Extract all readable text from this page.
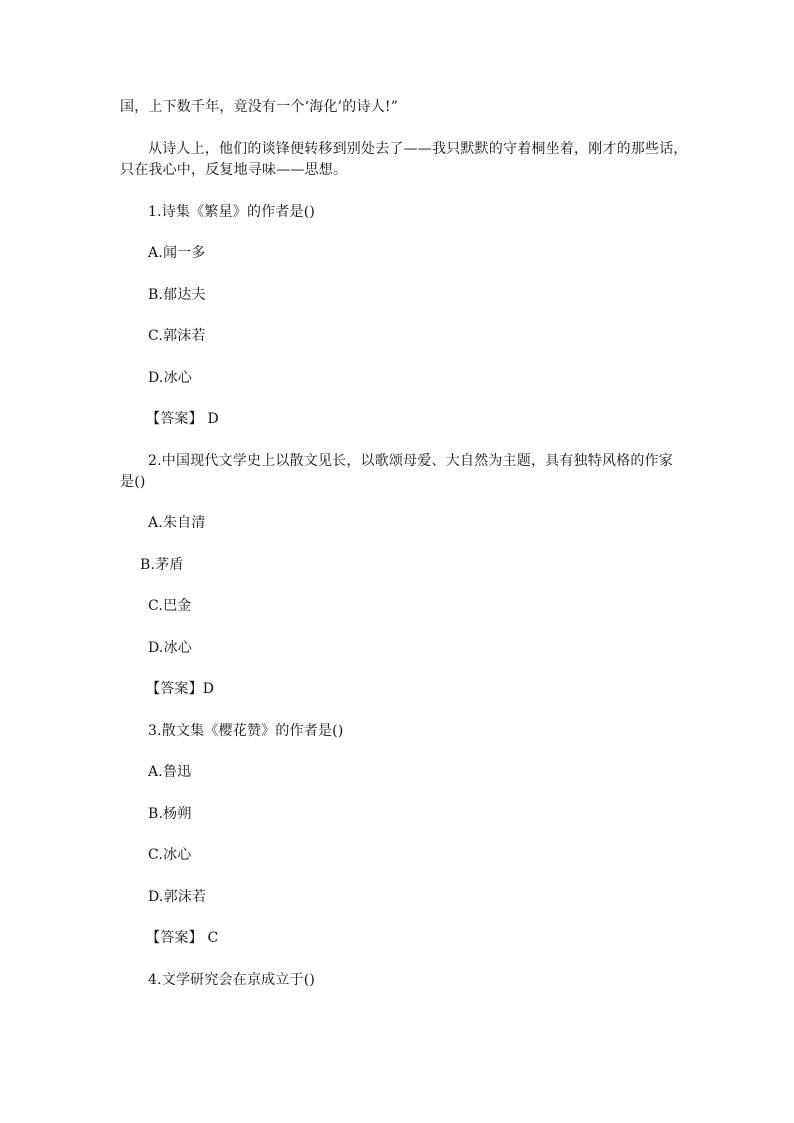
国，上下数千年，竟没有一个‘海化’的诗人!”
从诗人上，他们的谈锋便转移到别处去了——我只默默的守着桐坐着，刚才的那些话，
只在我心中，反复地寻味——思想。
1.诗集《繁星》的作者是()
A.闻一多
B.郁达夫
C.郭沫若
D.冰心
【答案】 D
2.中国现代文学史上以散文见长，以歌颂母爱、大自然为主题，具有独特风格的作家
是()
A.朱自清
B.茅盾
C.巴金
D.冰心
【答案】D
3.散文集《樱花赞》的作者是()
A.鲁迅
B.杨朔
C.冰心
D.郭沫若
【答案】 C
4.文学研究会在京成立于()
